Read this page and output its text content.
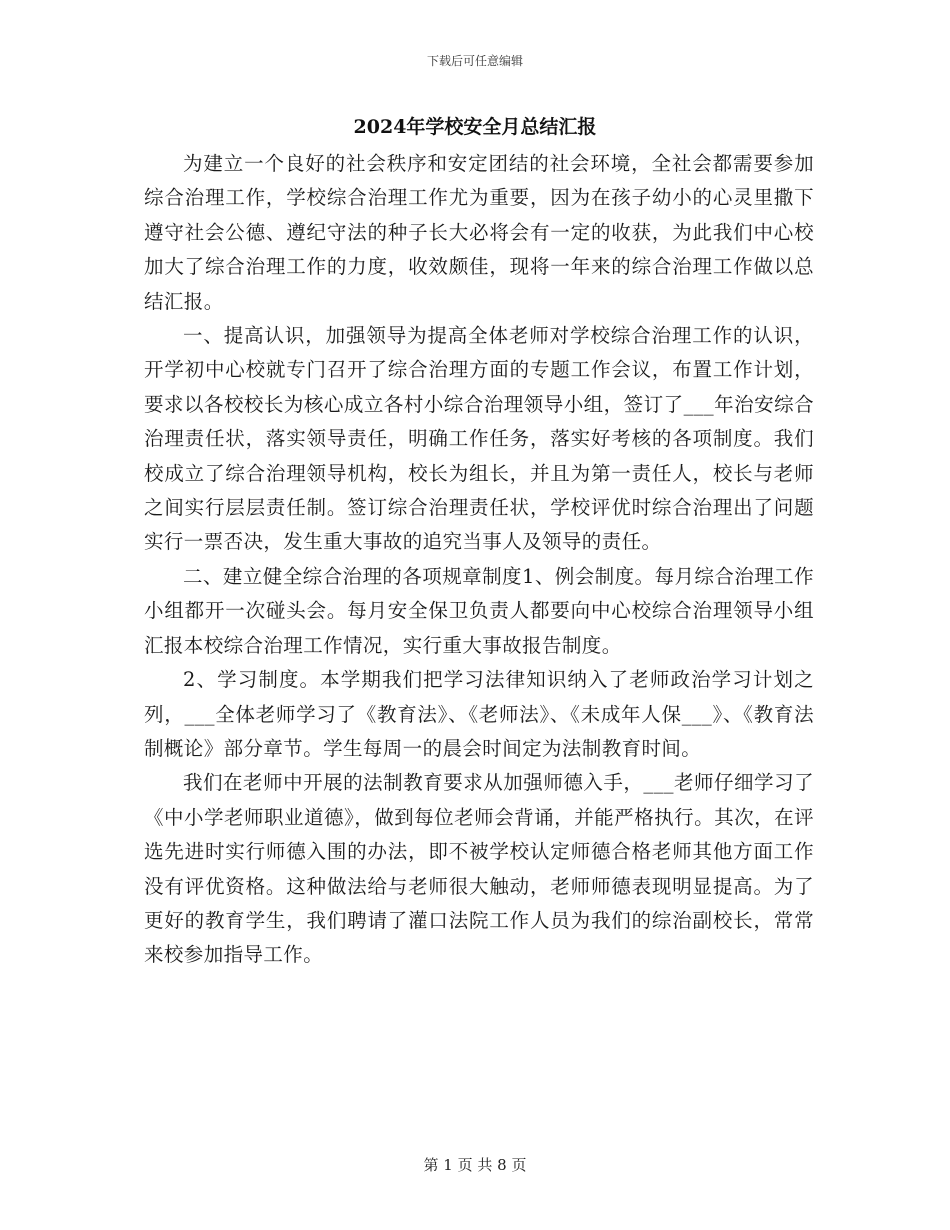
下载后可任意编辑
2024年学校安全月总结汇报

为建立一个良好的社会秩序和安定团结的社会环境，全社会都需要参加综合治理工作，学校综合治理工作尤为重要，因为在孩子幼小的心灵里撒下遵守社会公德、遵纪守法的种子长大必将会有一定的收获，为此我们中心校加大了综合治理工作的力度，收效颇佳，现将一年来的综合治理工作做以总结汇报。

一、提高认识，加强领导为提高全体老师对学校综合治理工作的认识，开学初中心校就专门召开了综合治理方面的专题工作会议，布置工作计划，要求以各校校长为核心成立各村小综合治理领导小组，签订了___年治安综合治理责任状，落实领导责任，明确工作任务，落实好考核的各项制度。我们校成立了综合治理领导机构，校长为组长，并且为第一责任人，校长与老师之间实行层层责任制。签订综合治理责任状，学校评优时综合治理出了问题实行一票否决，发生重大事故的追究当事人及领导的责任。

二、建立健全综合治理的各项规章制度1、例会制度。每月综合治理工作小组都开一次碰头会。每月安全保卫负责人都要向中心校综合治理领导小组汇报本校综合治理工作情况，实行重大事故报告制度。

2、学习制度。本学期我们把学习法律知识纳入了老师政治学习计划之列，___全体老师学习了《教育法》、《老师法》、《未成年人保___》、《教育法制概论》部分章节。学生每周一的晨会时间定为法制教育时间。

我们在老师中开展的法制教育要求从加强师德入手，___老师仔细学习了《中小学老师职业道德》，做到每位老师会背诵，并能严格执行。其次，在评选先进时实行师德入围的办法，即不被学校认定师德合格老师其他方面工作没有评优资格。这种做法给与老师很大触动，老师师德表现明显提高。为了更好的教育学生，我们聘请了灌口法院工作人员为我们的综治副校长，常常来校参加指导工作。

第 1 页 共 8 页
